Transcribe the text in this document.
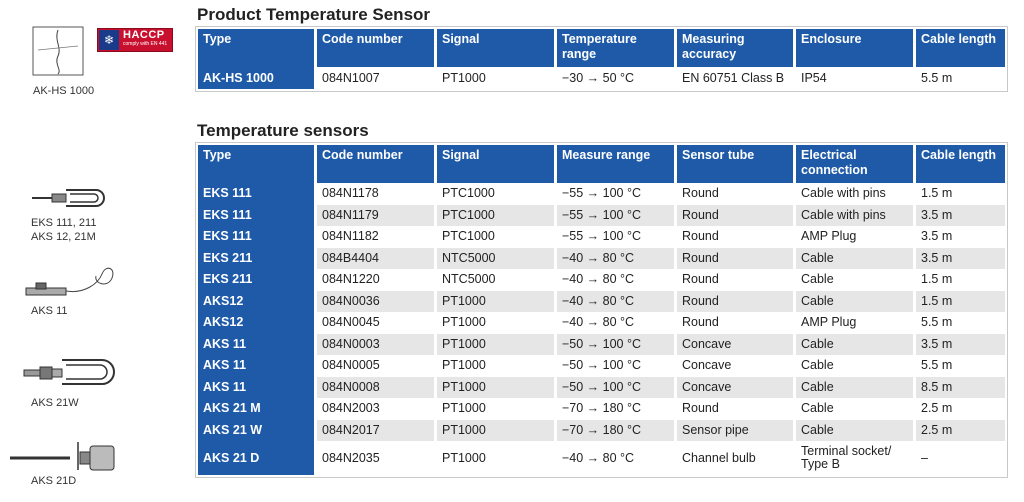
AK-HS 1000
❄ HACCP
comply with EN 441
EKS 111, 211
AKS 12, 21M
AKS 11
AKS 21W
AKS 21D
Product Temperature Sensor
Type	Code number	Signal	Temperature range	Measuring accuracy	Enclosure	Cable length
AK-HS 1000	084N1007	PT1000	−30 → 50 °C	EN 60751 Class B	IP54	5.5 m
Temperature sensors
Type	Code number	Signal	Measure range	Sensor tube	Electrical connection	Cable length
EKS 111	084N1178	PTC1000	−55 → 100 °C	Round	Cable with pins	1.5 m
EKS 111	084N1179	PTC1000	−55 → 100 °C	Round	Cable with pins	3.5 m
EKS 111	084N1182	PTC1000	−55 → 100 °C	Round	AMP Plug	3.5 m
EKS 211	084B4404	NTC5000	−40 → 80 °C	Round	Cable	3.5 m
EKS 211	084N1220	NTC5000	−40 → 80 °C	Round	Cable	1.5 m
AKS12	084N0036	PT1000	−40 → 80 °C	Round	Cable	1.5 m
AKS12	084N0045	PT1000	−40 → 80 °C	Round	AMP Plug	5.5 m
AKS 11	084N0003	PT1000	−50 → 100 °C	Concave	Cable	3.5 m
AKS 11	084N0005	PT1000	−50 → 100 °C	Concave	Cable	5.5 m
AKS 11	084N0008	PT1000	−50 → 100 °C	Concave	Cable	8.5 m
AKS 21 M	084N2003	PT1000	−70 → 180 °C	Round	Cable	2.5 m
AKS 21 W	084N2017	PT1000	−70 → 180 °C	Sensor pipe	Cable	2.5 m
AKS 21 D	084N2035	PT1000	−40 → 80 °C	Channel bulb	Terminal socket/ Type B	–
